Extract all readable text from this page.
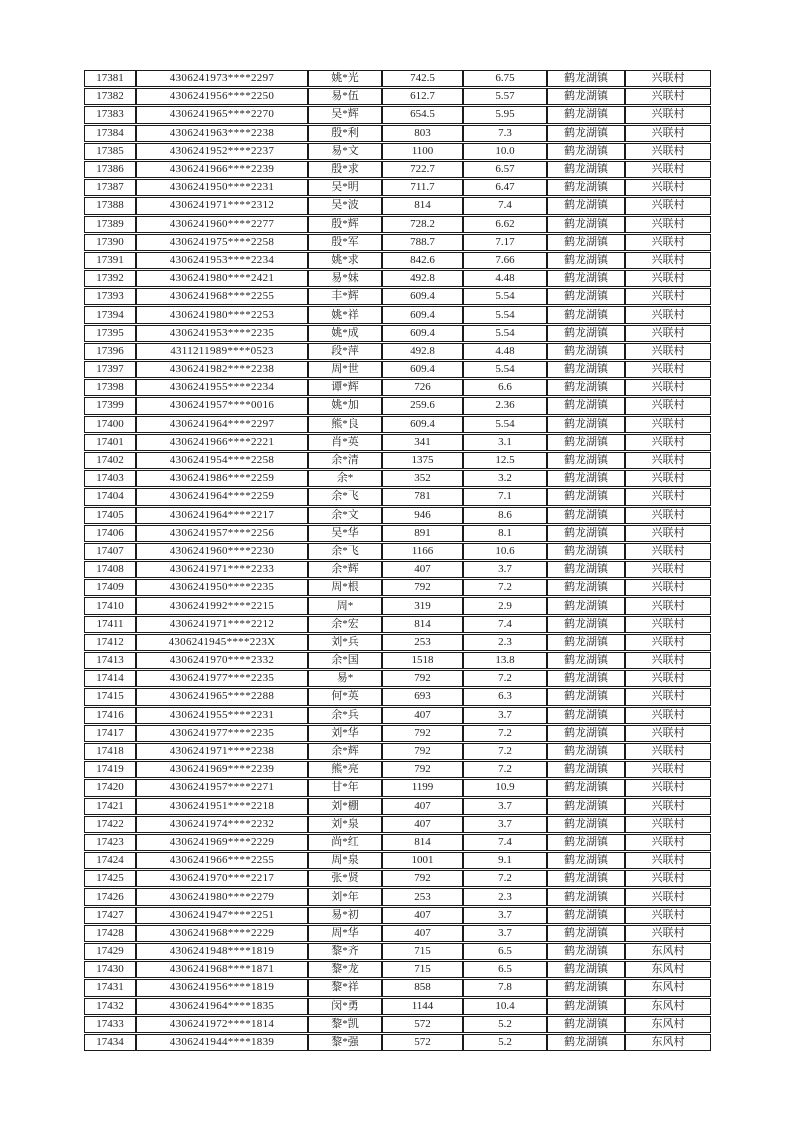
17381	4306241973****2297	姚*光	742.5	6.75	鹤龙湖镇	兴联村
17382	4306241956****2250	易*伍	612.7	5.57	鹤龙湖镇	兴联村
17383	4306241965****2270	吴*辉	654.5	5.95	鹤龙湖镇	兴联村
17384	4306241963****2238	殷*利	803	7.3	鹤龙湖镇	兴联村
17385	4306241952****2237	易*文	1100	10.0	鹤龙湖镇	兴联村
17386	4306241966****2239	殷*求	722.7	6.57	鹤龙湖镇	兴联村
17387	4306241950****2231	吴*明	711.7	6.47	鹤龙湖镇	兴联村
17388	4306241971****2312	吴*波	814	7.4	鹤龙湖镇	兴联村
17389	4306241960****2277	殷*辉	728.2	6.62	鹤龙湖镇	兴联村
17390	4306241975****2258	殷*军	788.7	7.17	鹤龙湖镇	兴联村
17391	4306241953****2234	姚*求	842.6	7.66	鹤龙湖镇	兴联村
17392	4306241980****2421	易*妹	492.8	4.48	鹤龙湖镇	兴联村
17393	4306241968****2255	丰*辉	609.4	5.54	鹤龙湖镇	兴联村
17394	4306241980****2253	姚*祥	609.4	5.54	鹤龙湖镇	兴联村
17395	4306241953****2235	姚*成	609.4	5.54	鹤龙湖镇	兴联村
17396	4311211989****0523	段*萍	492.8	4.48	鹤龙湖镇	兴联村
17397	4306241982****2238	周*世	609.4	5.54	鹤龙湖镇	兴联村
17398	4306241955****2234	谭*辉	726	6.6	鹤龙湖镇	兴联村
17399	4306241957****0016	姚*加	259.6	2.36	鹤龙湖镇	兴联村
17400	4306241964****2297	熊*良	609.4	5.54	鹤龙湖镇	兴联村
17401	4306241966****2221	肖*英	341	3.1	鹤龙湖镇	兴联村
17402	4306241954****2258	余*清	1375	12.5	鹤龙湖镇	兴联村
17403	4306241986****2259	余*	352	3.2	鹤龙湖镇	兴联村
17404	4306241964****2259	余*飞	781	7.1	鹤龙湖镇	兴联村
17405	4306241964****2217	余*文	946	8.6	鹤龙湖镇	兴联村
17406	4306241957****2256	吴*华	891	8.1	鹤龙湖镇	兴联村
17407	4306241960****2230	余*飞	1166	10.6	鹤龙湖镇	兴联村
17408	4306241971****2233	余*辉	407	3.7	鹤龙湖镇	兴联村
17409	4306241950****2235	周*根	792	7.2	鹤龙湖镇	兴联村
17410	4306241992****2215	周*	319	2.9	鹤龙湖镇	兴联村
17411	4306241971****2212	余*宏	814	7.4	鹤龙湖镇	兴联村
17412	4306241945****223X	刘*兵	253	2.3	鹤龙湖镇	兴联村
17413	4306241970****2332	余*国	1518	13.8	鹤龙湖镇	兴联村
17414	4306241977****2235	易*	792	7.2	鹤龙湖镇	兴联村
17415	4306241965****2288	何*英	693	6.3	鹤龙湖镇	兴联村
17416	4306241955****2231	余*兵	407	3.7	鹤龙湖镇	兴联村
17417	4306241977****2235	刘*华	792	7.2	鹤龙湖镇	兴联村
17418	4306241971****2238	余*辉	792	7.2	鹤龙湖镇	兴联村
17419	4306241969****2239	熊*亮	792	7.2	鹤龙湖镇	兴联村
17420	4306241957****2271	甘*年	1199	10.9	鹤龙湖镇	兴联村
17421	4306241951****2218	刘*棚	407	3.7	鹤龙湖镇	兴联村
17422	4306241974****2232	刘*泉	407	3.7	鹤龙湖镇	兴联村
17423	4306241969****2229	尚*红	814	7.4	鹤龙湖镇	兴联村
17424	4306241966****2255	周*泉	1001	9.1	鹤龙湖镇	兴联村
17425	4306241970****2217	张*贤	792	7.2	鹤龙湖镇	兴联村
17426	4306241980****2279	刘*年	253	2.3	鹤龙湖镇	兴联村
17427	4306241947****2251	易*初	407	3.7	鹤龙湖镇	兴联村
17428	4306241968****2229	周*华	407	3.7	鹤龙湖镇	兴联村
17429	4306241948****1819	黎*齐	715	6.5	鹤龙湖镇	东风村
17430	4306241968****1871	黎*龙	715	6.5	鹤龙湖镇	东风村
17431	4306241956****1819	黎*祥	858	7.8	鹤龙湖镇	东风村
17432	4306241964****1835	闵*勇	1144	10.4	鹤龙湖镇	东风村
17433	4306241972****1814	黎*凯	572	5.2	鹤龙湖镇	东风村
17434	4306241944****1839	黎*强	572	5.2	鹤龙湖镇	东风村
